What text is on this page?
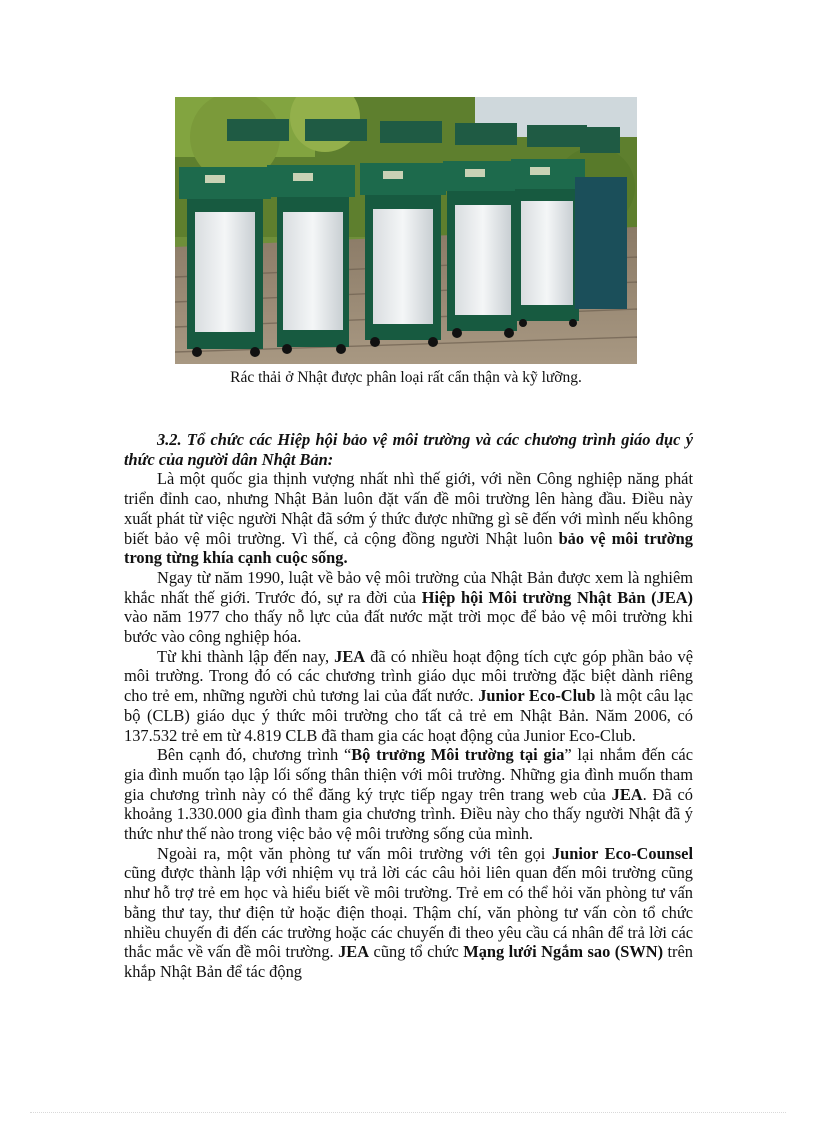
Rác thải ở Nhật được phân loại rất cẩn thận và kỹ lưỡng.

3.2. Tổ chức các Hiệp hội bảo vệ môi trường và các chương trình giáo dục ý thức của người dân Nhật Bản:

Là một quốc gia thịnh vượng nhất nhì thế giới, với nền Công nghiệp năng phát triển đỉnh cao, nhưng Nhật Bản luôn đặt vấn đề môi trường lên hàng đầu. Điều này xuất phát từ việc người Nhật đã sớm ý thức được những gì sẽ đến với mình nếu không biết bảo vệ môi trường. Vì thế, cả cộng đồng người Nhật luôn bảo vệ môi trường trong từng khía cạnh cuộc sống.

Ngay từ năm 1990, luật về bảo vệ môi trường của Nhật Bản được xem là nghiêm khắc nhất thế giới. Trước đó, sự ra đời của Hiệp hội Môi trường Nhật Bản (JEA) vào năm 1977 cho thấy nỗ lực của đất nước mặt trời mọc để bảo vệ môi trường khi bước vào công nghiệp hóa.

Từ khi thành lập đến nay, JEA đã có nhiều hoạt động tích cực góp phần bảo vệ môi trường. Trong đó có các chương trình giáo dục môi trường đặc biệt dành riêng cho trẻ em, những người chủ tương lai của đất nước. Junior Eco-Club là một câu lạc bộ (CLB) giáo dục ý thức môi trường cho tất cả trẻ em Nhật Bản. Năm 2006, có 137.532 trẻ em từ 4.819 CLB đã tham gia các hoạt động của Junior Eco-Club.

Bên cạnh đó, chương trình “Bộ trưởng Môi trường tại gia” lại nhắm đến các gia đình muốn tạo lập lối sống thân thiện với môi trường. Những gia đình muốn tham gia chương trình này có thể đăng ký trực tiếp ngay trên trang web của JEA. Đã có khoảng 1.330.000 gia đình tham gia chương trình. Điều này cho thấy người Nhật đã ý thức như thế nào trong việc bảo vệ môi trường sống của mình.

Ngoài ra, một văn phòng tư vấn môi trường với tên gọi Junior Eco-Counsel cũng được thành lập với nhiệm vụ trả lời các câu hỏi liên quan đến môi trường cũng như hỗ trợ trẻ em học và hiểu biết về môi trường. Trẻ em có thể hỏi văn phòng tư vấn bằng thư tay, thư điện tử hoặc điện thoại. Thậm chí, văn phòng tư vấn còn tổ chức nhiều chuyến đi đến các trường hoặc các chuyến đi theo yêu cầu cá nhân để trả lời các thắc mắc về vấn đề môi trường. JEA cũng tổ chức Mạng lưới Ngắm sao (SWN) trên khắp Nhật Bản để tác động
